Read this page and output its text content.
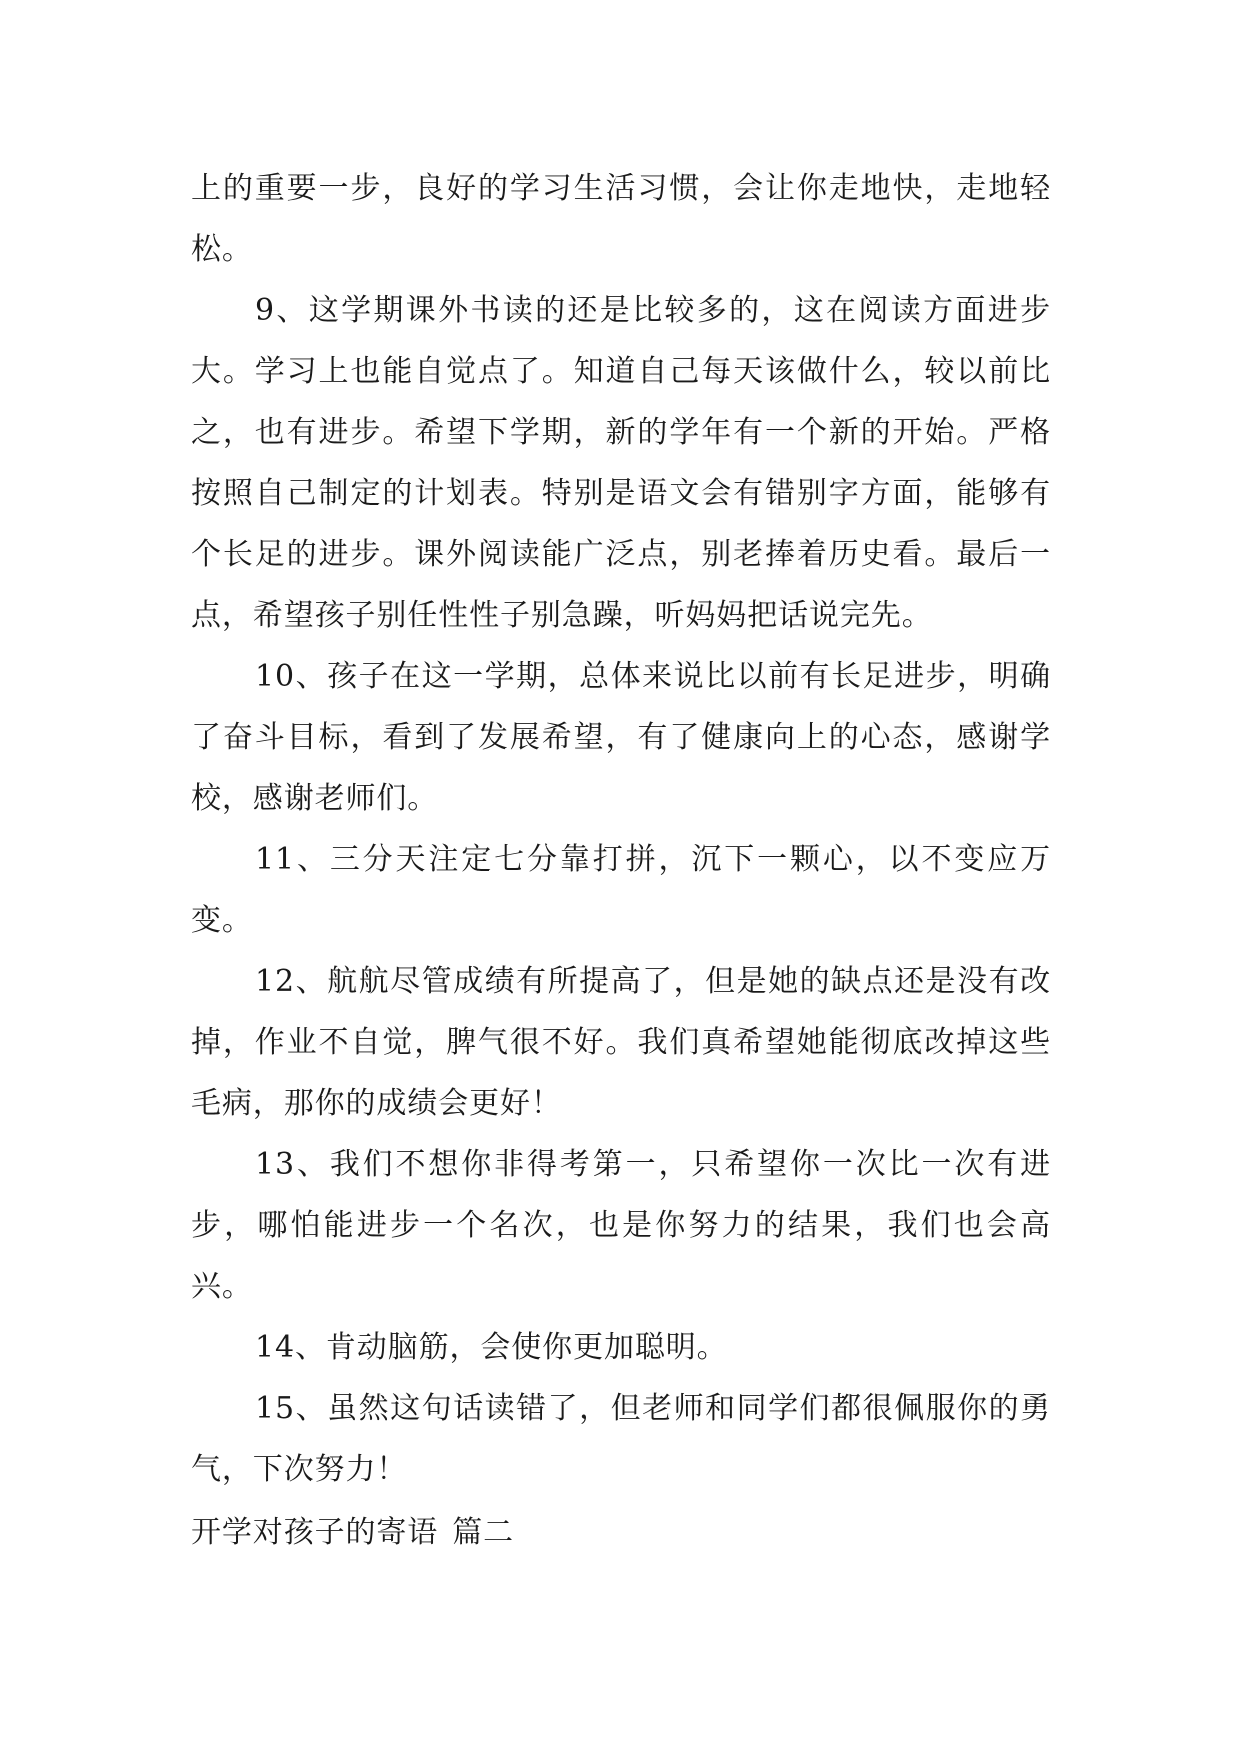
上的重要一步，良好的学习生活习惯，会让你走地快，走地轻松。

9、这学期课外书读的还是比较多的，这在阅读方面进步大。学习上也能自觉点了。知道自己每天该做什么，较以前比之，也有进步。希望下学期，新的学年有一个新的开始。严格按照自己制定的计划表。特别是语文会有错别字方面，能够有个长足的进步。课外阅读能广泛点，别老捧着历史看。最后一点，希望孩子别任性性子别急躁，听妈妈把话说完先。

10、孩子在这一学期，总体来说比以前有长足进步，明确了奋斗目标，看到了发展希望，有了健康向上的心态，感谢学校，感谢老师们。

11、三分天注定七分靠打拼，沉下一颗心，以不变应万变。

12、航航尽管成绩有所提高了，但是她的缺点还是没有改掉，作业不自觉，脾气很不好。我们真希望她能彻底改掉这些毛病，那你的成绩会更好！

13、我们不想你非得考第一，只希望你一次比一次有进步，哪怕能进步一个名次，也是你努力的结果，我们也会高兴。

14、肯动脑筋，会使你更加聪明。

15、虽然这句话读错了，但老师和同学们都很佩服你的勇气，下次努力！

开学对孩子的寄语 篇二
